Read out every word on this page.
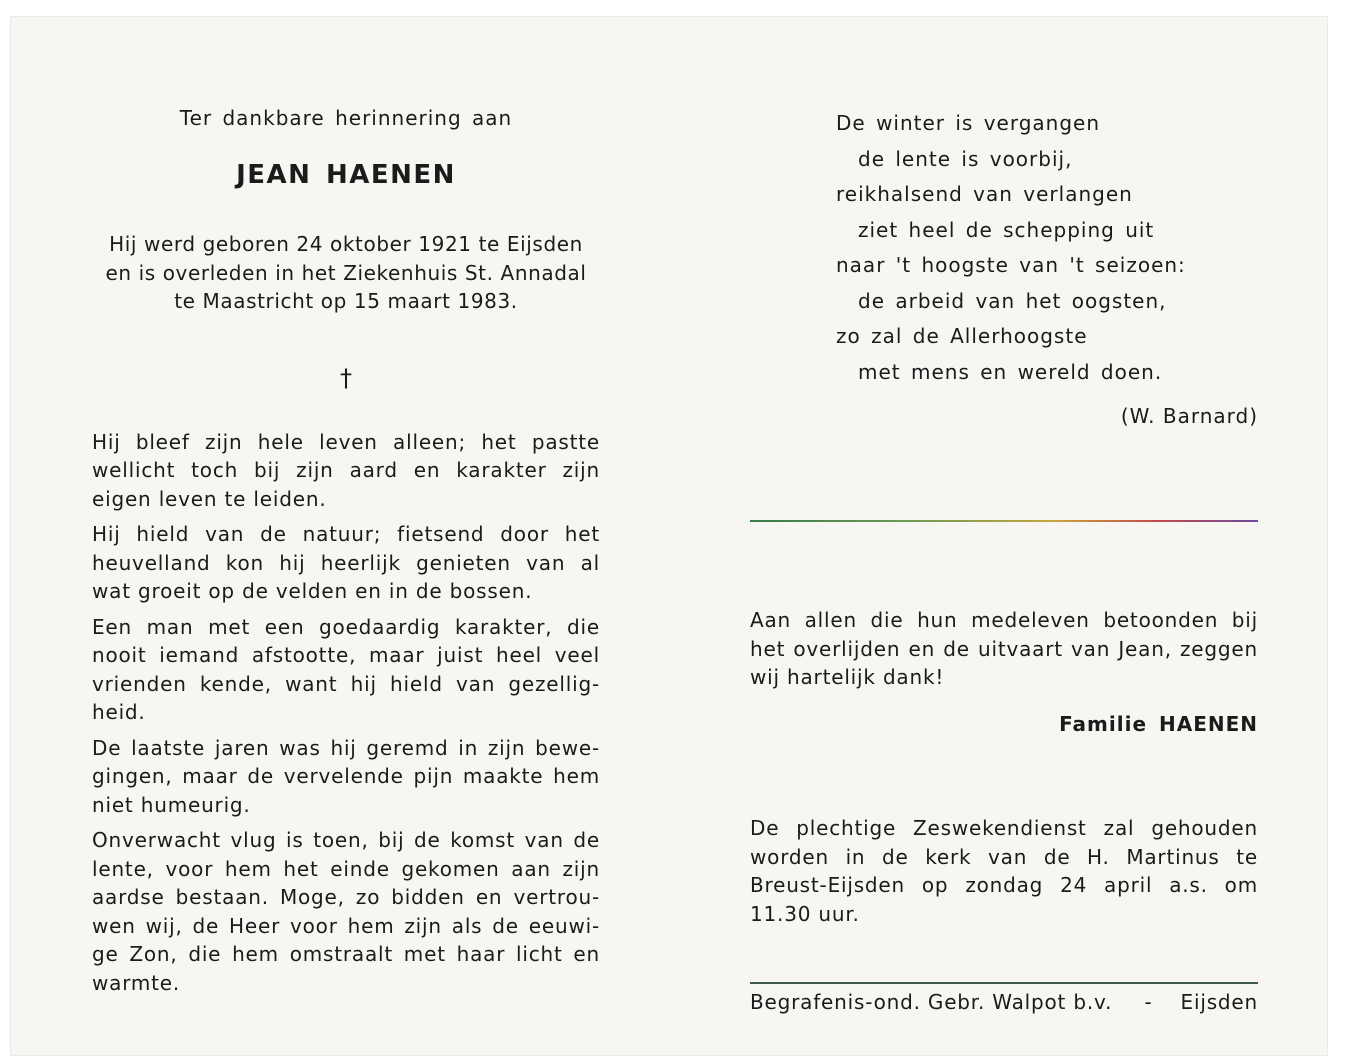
Ter dankbare herinnering aan

JEAN HAENEN

Hij werd geboren 24 oktober 1921 te Eijsden
en is overleden in het Ziekenhuis St. Annadal
te Maastricht op 15 maart 1983.
†
Hij bleef zijn hele leven alleen; het pastte
wellicht toch bij zijn aard en karakter zijn
eigen leven te leiden.
Hij hield van de natuur; fietsend door het
heuvelland kon hij heerlijk genieten van al
wat groeit op de velden en in de bossen.
Een man met een goedaardig karakter, die
nooit iemand afstootte, maar juist heel veel
vrienden kende, want hij hield van gezellig-
heid.
De laatste jaren was hij geremd in zijn bewe-
gingen, maar de vervelende pijn maakte hem
niet humeurig.
Onverwacht vlug is toen, bij de komst van de
lente, voor hem het einde gekomen aan zijn
aardse bestaan. Moge, zo bidden en vertrou-
wen wij, de Heer voor hem zijn als de eeuwi-
ge Zon, die hem omstraalt met haar licht en
warmte.
De winter is vergangen
de lente is voorbij,
reikhalsend van verlangen
ziet heel de schepping uit
naar 't hoogste van 't seizoen:
de arbeid van het oogsten,
zo zal de Allerhoogste
met mens en wereld doen.
(W. Barnard)
Aan allen die hun medeleven betoonden bij
het overlijden en de uitvaart van Jean, zeggen
wij hartelijk dank!
Familie HAENEN
De plechtige Zeswekendienst zal gehouden
worden in de kerk van de H. Martinus te
Breust-Eijsden op zondag 24 april a.s. om
11.30 uur.
Begrafenis-ond. Gebr. Walpot b.v. - Eijsden
